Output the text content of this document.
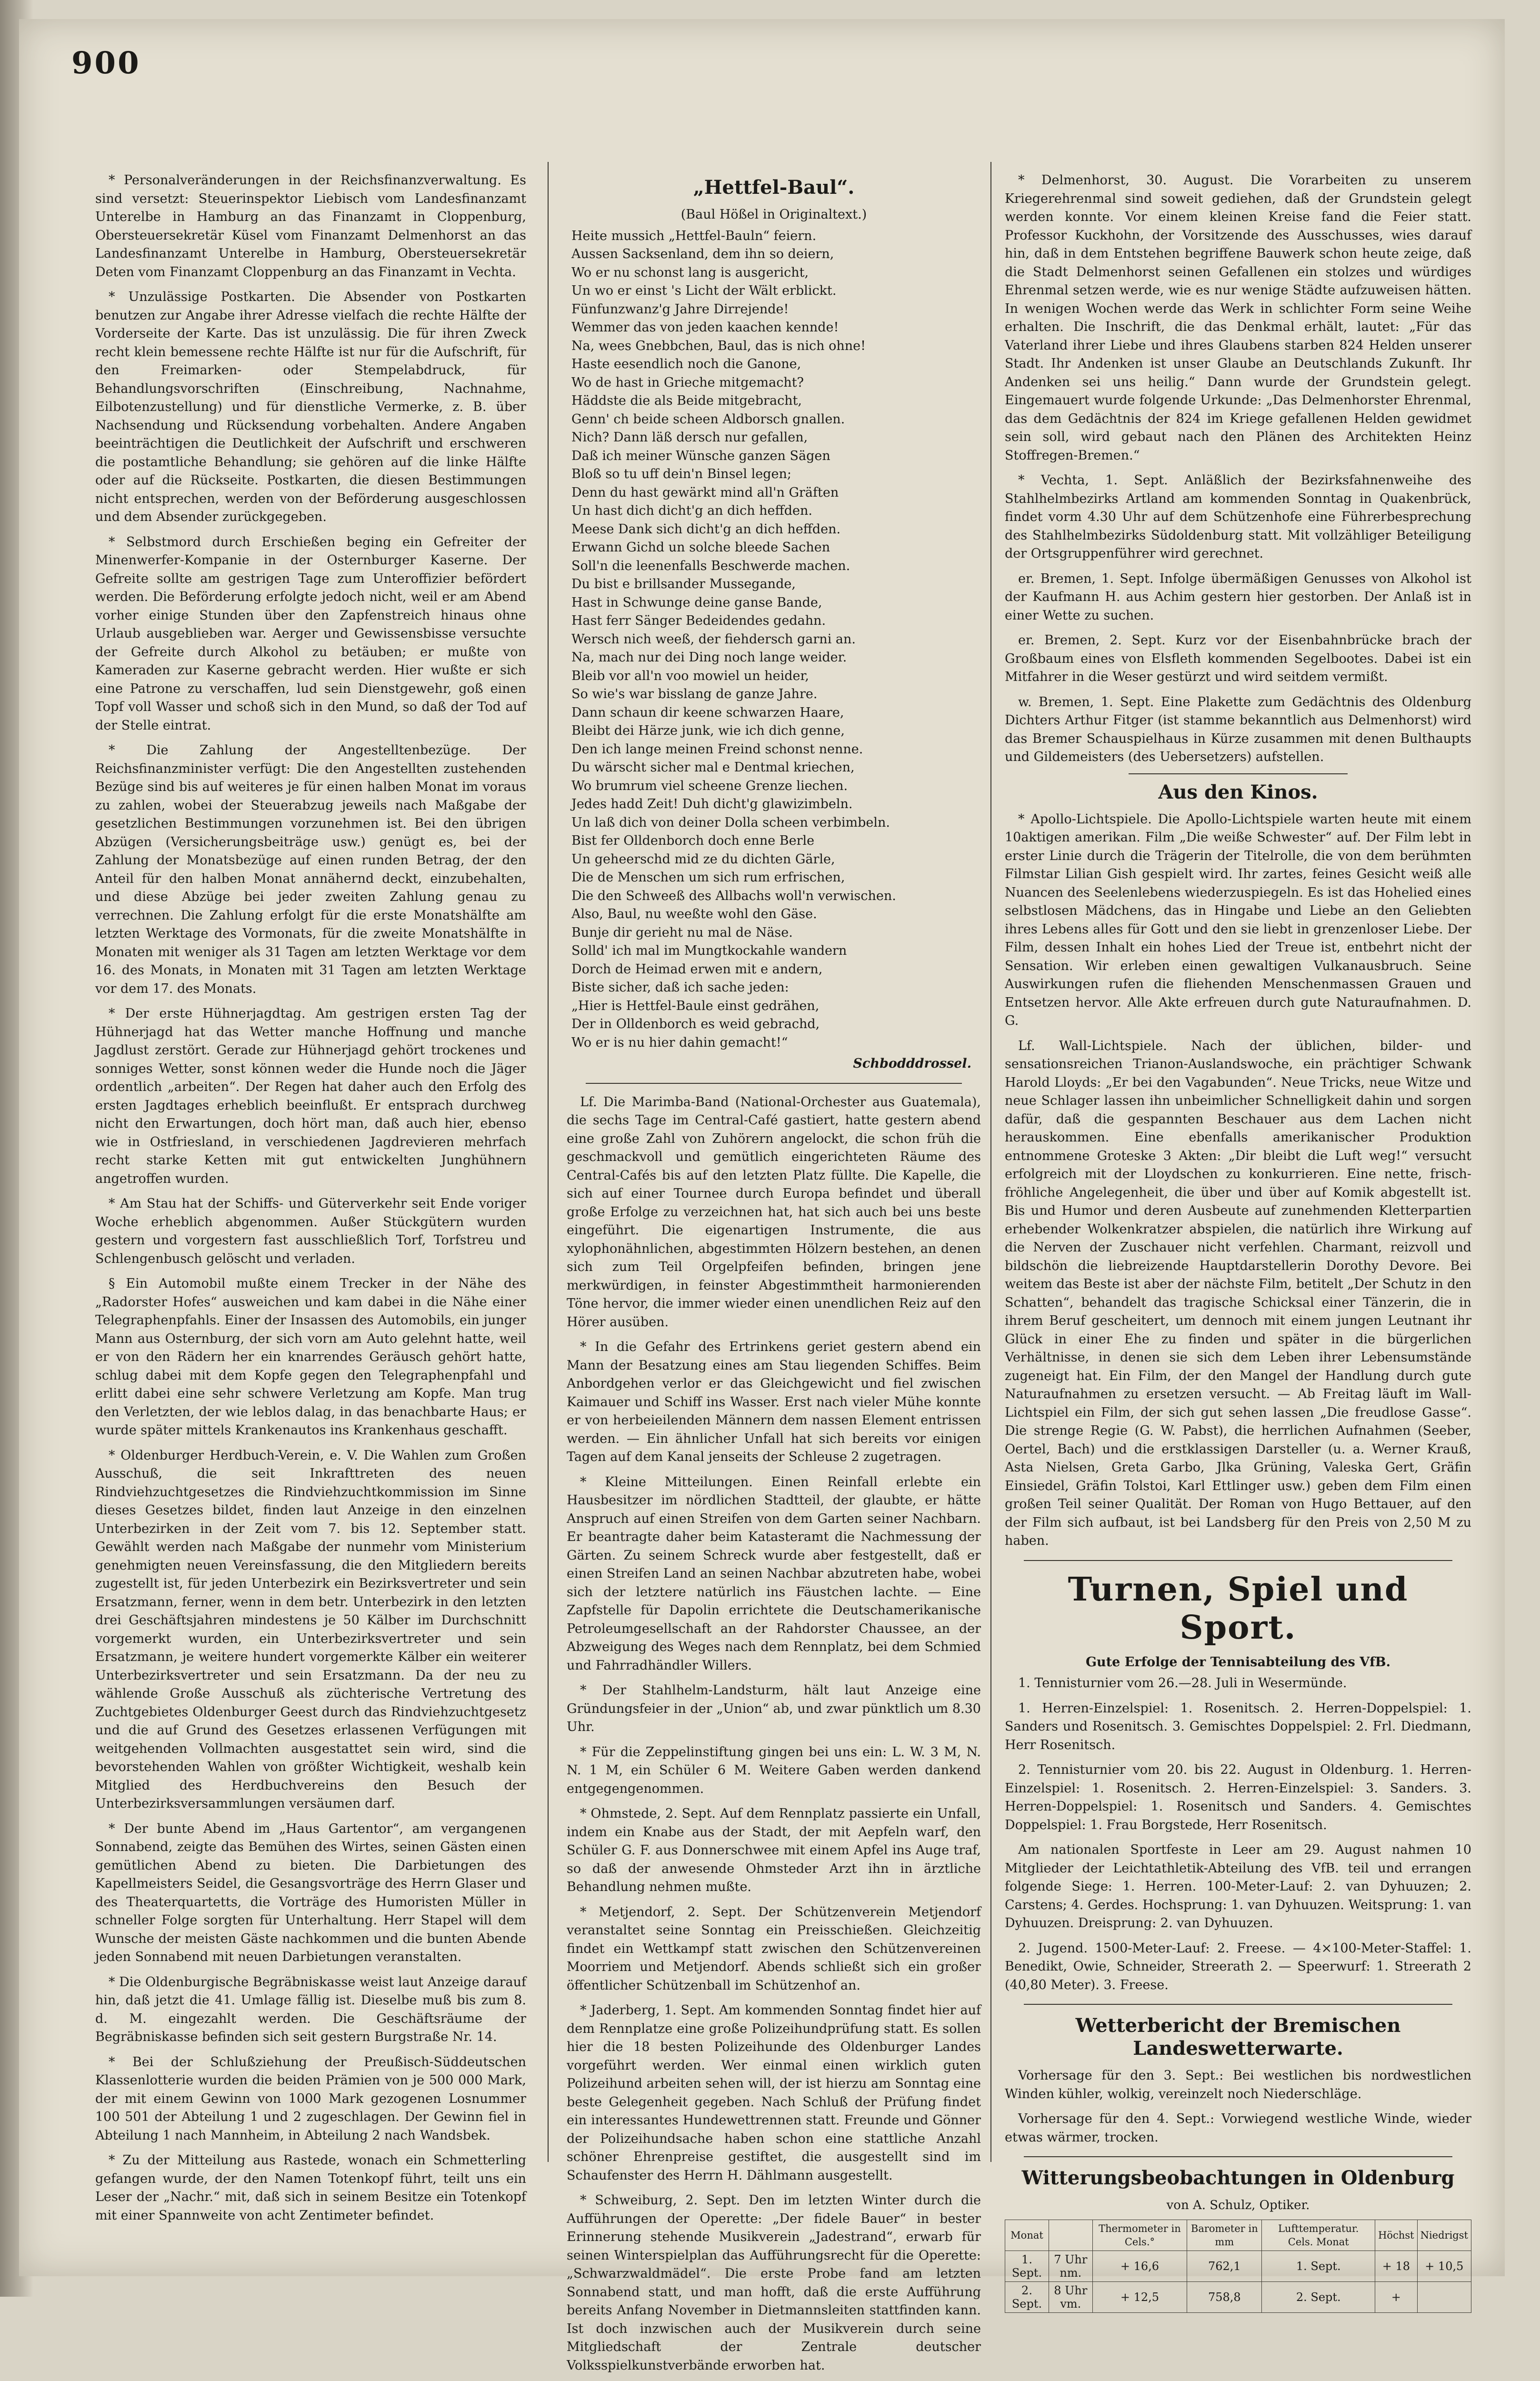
900

* Personalveränderungen in der Reichsfinanzverwaltung. Es sind versetzt: Steuerinspektor Liebisch vom Landesfinanzamt Unterelbe in Hamburg an das Finanzamt in Cloppenburg, Obersteuersekretär Küsel vom Finanzamt Delmenhorst an das Landesfinanzamt Unterelbe in Hamburg, Obersteuersekretär Deten vom Finanzamt Cloppenburg an das Finanzamt in Vechta.

* Unzulässige Postkarten. Die Absender von Postkarten benutzen zur Angabe ihrer Adresse vielfach die rechte Hälfte der Vorderseite der Karte. Das ist unzulässig. Die für ihren Zweck recht klein bemessene rechte Hälfte ist nur für die Aufschrift, für den Freimarken- oder Stempelabdruck, für Behandlungsvorschriften (Einschreibung, Nachnahme, Eilbotenzustellung) und für dienstliche Vermerke, z. B. über Nachsendung und Rücksendung vorbehalten. Andere Angaben beeinträchtigen die Deutlichkeit der Aufschrift und erschweren die postamtliche Behandlung; sie gehören auf die linke Hälfte oder auf die Rückseite. Postkarten, die diesen Bestimmungen nicht entsprechen, werden von der Beförderung ausgeschlossen und dem Absender zurückgegeben.

* Selbstmord durch Erschießen beging ein Gefreiter der Minenwerfer-Kompanie in der Osternburger Kaserne. Der Gefreite sollte am gestrigen Tage zum Unteroffizier befördert werden. Die Beförderung erfolgte jedoch nicht, weil er am Abend vorher einige Stunden über den Zapfenstreich hinaus ohne Urlaub ausgeblieben war. Aerger und Gewissensbisse versuchte der Gefreite durch Alkohol zu betäuben; er mußte von Kameraden zur Kaserne gebracht werden. Hier wußte er sich eine Patrone zu verschaffen, lud sein Dienstgewehr, goß einen Topf voll Wasser und schoß sich in den Mund, so daß der Tod auf der Stelle eintrat.

* Die Zahlung der Angestelltenbezüge. Der Reichsfinanzminister verfügt: Die den Angestellten zustehenden Bezüge sind bis auf weiteres je für einen halben Monat im voraus zu zahlen, wobei der Steuerabzug jeweils nach Maßgabe der gesetzlichen Bestimmungen vorzunehmen ist. Bei den übrigen Abzügen (Versicherungsbeiträge usw.) genügt es, bei der Zahlung der Monatsbezüge auf einen runden Betrag, der den Anteil für den halben Monat annähernd deckt, einzubehalten, und diese Abzüge bei jeder zweiten Zahlung genau zu verrechnen. Die Zahlung erfolgt für die erste Monatshälfte am letzten Werktage des Vormonats, für die zweite Monatshälfte in Monaten mit weniger als 31 Tagen am letzten Werktage vor dem 16. des Monats, in Monaten mit 31 Tagen am letzten Werktage vor dem 17. des Monats.

* Der erste Hühnerjagdtag. Am gestrigen ersten Tag der Hühnerjagd hat das Wetter manche Hoffnung und manche Jagdlust zerstört. Gerade zur Hühnerjagd gehört trockenes und sonniges Wetter, sonst können weder die Hunde noch die Jäger ordentlich „arbeiten“. Der Regen hat daher auch den Erfolg des ersten Jagdtages erheblich beeinflußt. Er entsprach durchweg nicht den Erwartungen, doch hört man, daß auch hier, ebenso wie in Ostfriesland, in verschiedenen Jagdrevieren mehrfach recht starke Ketten mit gut entwickelten Junghühnern angetroffen wurden.

* Am Stau hat der Schiffs- und Güterverkehr seit Ende voriger Woche erheblich abgenommen. Außer Stückgütern wurden gestern und vorgestern fast ausschließlich Torf, Torfstreu und Schlengenbusch gelöscht und verladen.

§ Ein Automobil mußte einem Trecker in der Nähe des „Radorster Hofes“ ausweichen und kam dabei in die Nähe einer Telegraphenpfahls. Einer der Insassen des Automobils, ein junger Mann aus Osternburg, der sich vorn am Auto gelehnt hatte, weil er von den Rädern her ein knarrendes Geräusch gehört hatte, schlug dabei mit dem Kopfe gegen den Telegraphenpfahl und erlitt dabei eine sehr schwere Verletzung am Kopfe. Man trug den Verletzten, der wie leblos dalag, in das benachbarte Haus; er wurde später mittels Krankenautos ins Krankenhaus geschafft.

* Oldenburger Herdbuch-Verein, e. V. Die Wahlen zum Großen Ausschuß, die seit Inkrafttreten des neuen Rindviehzuchtgesetzes die Rindviehzuchtkommission im Sinne dieses Gesetzes bildet, finden laut Anzeige in den einzelnen Unterbezirken in der Zeit vom 7. bis 12. September statt. Gewählt werden nach Maßgabe der nunmehr vom Ministerium genehmigten neuen Vereinsfassung, die den Mitgliedern bereits zugestellt ist, für jeden Unterbezirk ein Bezirksvertreter und sein Ersatzmann, ferner, wenn in dem betr. Unterbezirk in den letzten drei Geschäftsjahren mindestens je 50 Kälber im Durchschnitt vorgemerkt wurden, ein Unterbezirksvertreter und sein Ersatzmann, je weitere hundert vorgemerkte Kälber ein weiterer Unterbezirksvertreter und sein Ersatzmann. Da der neu zu wählende Große Ausschuß als züchterische Vertretung des Zuchtgebietes Oldenburger Geest durch das Rindviehzuchtgesetz und die auf Grund des Gesetzes erlassenen Verfügungen mit weitgehenden Vollmachten ausgestattet sein wird, sind die bevorstehenden Wahlen von größter Wichtigkeit, weshalb kein Mitglied des Herdbuchvereins den Besuch der Unterbezirksversammlungen versäumen darf.

* Der bunte Abend im „Haus Gartentor“, am vergangenen Sonnabend, zeigte das Bemühen des Wirtes, seinen Gästen einen gemütlichen Abend zu bieten. Die Darbietungen des Kapellmeisters Seidel, die Gesangsvorträge des Herrn Glaser und des Theaterquartetts, die Vorträge des Humoristen Müller in schneller Folge sorgten für Unterhaltung. Herr Stapel will dem Wunsche der meisten Gäste nachkommen und die bunten Abende jeden Sonnabend mit neuen Darbietungen veranstalten.

* Die Oldenburgische Begräbniskasse weist laut Anzeige darauf hin, daß jetzt die 41. Umlage fällig ist. Dieselbe muß bis zum 8. d. M. eingezahlt werden. Die Geschäftsräume der Begräbniskasse befinden sich seit gestern Burgstraße Nr. 14.

* Bei der Schlußziehung der Preußisch-Süddeutschen Klassenlotterie wurden die beiden Prämien von je 500 000 Mark, der mit einem Gewinn von 1000 Mark gezogenen Losnummer 100 501 der Abteilung 1 und 2 zugeschlagen. Der Gewinn fiel in Abteilung 1 nach Mannheim, in Abteilung 2 nach Wandsbek.

* Zu der Mitteilung aus Rastede, wonach ein Schmetterling gefangen wurde, der den Namen Totenkopf führt, teilt uns ein Leser der „Nachr.“ mit, daß sich in seinem Besitze ein Totenkopf mit einer Spannweite von acht Zentimeter befindet.

„Hettfel-Baul“.
(Baul Hößel in Originaltext.)
Heite mussich „Hettfel-Bauln“ feiern.
Aussen Sacksenland, dem ihn so deiern,
Wo er nu schonst lang is ausgericht,
Un wo er einst 's Licht der Wält erblickt.
Fünfunzwanz'g Jahre Dirrejende!
Wemmer das von jeden kaachen kennde!
Na, wees Gnebbchen, Baul, das is nich ohne!
Haste eesendlich noch die Ganone,
Wo de hast in Grieche mitgemacht?
Häddste die als Beide mitgebracht,
Genn' ch beide scheen Aldborsch gnallen.
Nich? Dann läß dersch nur gefallen,
Daß ich meiner Wünsche ganzen Sägen
Bloß so tu uff dein'n Binsel legen;
Denn du hast gewärkt mind all'n Gräften
Un hast dich dicht'g an dich heffden.
Meese Dank sich dicht'g an dich heffden.
Erwann Gichd un solche bleede Sachen
Soll'n die leenenfalls Beschwerde machen.
Du bist e brillsander Mussegande,
Hast in Schwunge deine ganse Bande,
Hast ferr Sänger Bedeidendes gedahn.
Wersch nich weeß, der fiehdersch garni an.
Na, mach nur dei Ding noch lange weider.
Bleib vor all'n voo mowiel un heider,
So wie's war bisslang de ganze Jahre.
Dann schaun dir keene schwarzen Haare,
Bleibt dei Härze junk, wie ich dich genne,
Den ich lange meinen Freind schonst nenne.
Du wärscht sicher mal e Dentmal kriechen,
Wo brumrum viel scheene Grenze liechen.
Jedes hadd Zeit! Duh dicht'g glawizimbeln.
Un laß dich von deiner Dolla scheen verbimbeln.
Bist fer Olldenborch doch enne Berle
Un geheerschd mid ze du dichten Gärle,
Die de Menschen um sich rum erfrischen,
Die den Schweeß des Allbachs woll'n verwischen.
Also, Baul, nu weeßte wohl den Gäse.
Bunje dir gerieht nu mal de Näse.
Solld' ich mal im Mungtkockahle wandern
Dorch de Heimad erwen mit e andern,
Biste sicher, daß ich sache jeden:
„Hier is Hettfel-Baule einst gedrähen,
Der in Olldenborch es weid gebrachd,
Wo er is nu hier dahin gemacht!“
Schbodddrossel.

Lf. Die Marimba-Band (National-Orchester aus Guatemala), die sechs Tage im Central-Café gastiert, hatte gestern abend eine große Zahl von Zuhörern angelockt, die schon früh die geschmackvoll und gemütlich eingerichteten Räume des Central-Cafés bis auf den letzten Platz füllte. Die Kapelle, die sich auf einer Tournee durch Europa befindet und überall große Erfolge zu verzeichnen hat, hat sich auch bei uns beste eingeführt. Die eigenartigen Instrumente, die aus xylophonähnlichen, abgestimmten Hölzern bestehen, an denen sich zum Teil Orgelpfeifen befinden, bringen jene merkwürdigen, in feinster Abgestimmtheit harmonierenden Töne hervor, die immer wieder einen unendlichen Reiz auf den Hörer ausüben.

* In die Gefahr des Ertrinkens geriet gestern abend ein Mann der Besatzung eines am Stau liegenden Schiffes. Beim Anbordgehen verlor er das Gleichgewicht und fiel zwischen Kaimauer und Schiff ins Wasser. Erst nach vieler Mühe konnte er von herbeieilenden Männern dem nassen Element entrissen werden. — Ein ähnlicher Unfall hat sich bereits vor einigen Tagen auf dem Kanal jenseits der Schleuse 2 zugetragen.

* Kleine Mitteilungen. Einen Reinfall erlebte ein Hausbesitzer im nördlichen Stadtteil, der glaubte, er hätte Anspruch auf einen Streifen von dem Garten seiner Nachbarn. Er beantragte daher beim Katasteramt die Nachmessung der Gärten. Zu seinem Schreck wurde aber festgestellt, daß er einen Streifen Land an seinen Nachbar abzutreten habe, wobei sich der letztere natürlich ins Fäustchen lachte. — Eine Zapfstelle für Dapolin errichtete die Deutschamerikanische Petroleumgesellschaft an der Rahdorster Chaussee, an der Abzweigung des Weges nach dem Rennplatz, bei dem Schmied und Fahrradhändler Willers.

* Der Stahlhelm-Landsturm, hält laut Anzeige eine Gründungsfeier in der „Union“ ab, und zwar pünktlich um 8.30 Uhr.

* Für die Zeppelinstiftung gingen bei uns ein: L. W. 3 M, N. N. 1 M, ein Schüler 6 M. Weitere Gaben werden dankend entgegengenommen.

* Ohmstede, 2. Sept. Auf dem Rennplatz passierte ein Unfall, indem ein Knabe aus der Stadt, der mit Aepfeln warf, den Schüler G. F. aus Donnerschwee mit einem Apfel ins Auge traf, so daß der anwesende Ohmsteder Arzt ihn in ärztliche Behandlung nehmen mußte.

* Metjendorf, 2. Sept. Der Schützenverein Metjendorf veranstaltet seine Sonntag ein Preisschießen. Gleichzeitig findet ein Wettkampf statt zwischen den Schützenvereinen Moorriem und Metjendorf. Abends schließt sich ein großer öffentlicher Schützenball im Schützenhof an.

* Jaderberg, 1. Sept. Am kommenden Sonntag findet hier auf dem Rennplatze eine große Polizeihundprüfung statt. Es sollen hier die 18 besten Polizeihunde des Oldenburger Landes vorgeführt werden. Wer einmal einen wirklich guten Polizeihund arbeiten sehen will, der ist hierzu am Sonntag eine beste Gelegenheit gegeben. Nach Schluß der Prüfung findet ein interessantes Hundewettrennen statt. Freunde und Gönner der Polizeihundsache haben schon eine stattliche Anzahl schöner Ehrenpreise gestiftet, die ausgestellt sind im Schaufenster des Herrn H. Dählmann ausgestellt.

* Schweiburg, 2. Sept. Den im letzten Winter durch die Aufführungen der Operette: „Der fidele Bauer“ in bester Erinnerung stehende Musikverein „Jadestrand“, erwarb für seinen Winterspielplan das Aufführungsrecht für die Operette: „Schwarzwaldmädel“. Die erste Probe fand am letzten Sonnabend statt, und man hofft, daß die erste Aufführung bereits Anfang November in Dietmannsleiten stattfinden kann. Ist doch inzwischen auch der Musikverein durch seine Mitgliedschaft der Zentrale deutscher Volksspielkunstverbände erworben hat.

* Delmenhorst, 30. August. Die Vorarbeiten zu unserem Kriegerehrenmal sind soweit gediehen, daß der Grundstein gelegt werden konnte. Vor einem kleinen Kreise fand die Feier statt. Professor Kuckhohn, der Vorsitzende des Ausschusses, wies darauf hin, daß in dem Entstehen begriffene Bauwerk schon heute zeige, daß die Stadt Delmenhorst seinen Gefallenen ein stolzes und würdiges Ehrenmal setzen werde, wie es nur wenige Städte aufzuweisen hätten. In wenigen Wochen werde das Werk in schlichter Form seine Weihe erhalten. Die Inschrift, die das Denkmal erhält, lautet: „Für das Vaterland ihrer Liebe und ihres Glaubens starben 824 Helden unserer Stadt. Ihr Andenken ist unser Glaube an Deutschlands Zukunft. Ihr Andenken sei uns heilig.“ Dann wurde der Grundstein gelegt. Eingemauert wurde folgende Urkunde: „Das Delmenhorster Ehrenmal, das dem Gedächtnis der 824 im Kriege gefallenen Helden gewidmet sein soll, wird gebaut nach den Plänen des Architekten Heinz Stoffregen-Bremen.“

* Vechta, 1. Sept. Anläßlich der Bezirksfahnenweihe des Stahlhelmbezirks Artland am kommenden Sonntag in Quakenbrück, findet vorm 4.30 Uhr auf dem Schützenhofe eine Führerbesprechung des Stahlhelmbezirks Südoldenburg statt. Mit vollzähliger Beteiligung der Ortsgruppenführer wird gerechnet.

er. Bremen, 1. Sept. Infolge übermäßigen Genusses von Alkohol ist der Kaufmann H. aus Achim gestern hier gestorben. Der Anlaß ist in einer Wette zu suchen.

er. Bremen, 2. Sept. Kurz vor der Eisenbahnbrücke brach der Großbaum eines von Elsfleth kommenden Segelbootes. Dabei ist ein Mitfahrer in die Weser gestürzt und wird seitdem vermißt.

w. Bremen, 1. Sept. Eine Plakette zum Gedächtnis des Oldenburg Dichters Arthur Fitger (ist stamme bekanntlich aus Delmenhorst) wird das Bremer Schauspielhaus in Kürze zusammen mit denen Bulthaupts und Gildemeisters (des Uebersetzers) aufstellen.

Aus den Kinos.

* Apollo-Lichtspiele. Die Apollo-Lichtspiele warten heute mit einem 10aktigen amerikan. Film „Die weiße Schwester“ auf. Der Film lebt in erster Linie durch die Trägerin der Titelrolle, die von dem berühmten Filmstar Lilian Gish gespielt wird. Ihr zartes, feines Gesicht weiß alle Nuancen des Seelenlebens wiederzuspiegeln. Es ist das Hohelied eines selbstlosen Mädchens, das in Hingabe und Liebe an den Geliebten ihres Lebens alles für Gott und den sie liebt in grenzenloser Liebe. Der Film, dessen Inhalt ein hohes Lied der Treue ist, entbehrt nicht der Sensation. Wir erleben einen gewaltigen Vulkanausbruch. Seine Auswirkungen rufen die fliehenden Menschenmassen Grauen und Entsetzen hervor. Alle Akte erfreuen durch gute Naturaufnahmen. D. G.

Lf. Wall-Lichtspiele. Nach der üblichen, bilder- und sensationsreichen Trianon-Auslandswoche, ein prächtiger Schwank Harold Lloyds: „Er bei den Vagabunden“. Neue Tricks, neue Witze und neue Schlager lassen ihn unbeimlicher Schnelligkeit dahin und sorgen dafür, daß die gespannten Beschauer aus dem Lachen nicht herauskommen. Eine ebenfalls amerikanischer Produktion entnommene Groteske 3 Akten: „Dir bleibt die Luft weg!“ versucht erfolgreich mit der Lloydschen zu konkurrieren. Eine nette, frisch-fröhliche Angelegenheit, die über und über auf Komik abgestellt ist. Bis und Humor und deren Ausbeute auf zunehmenden Kletterpartien erhebender Wolkenkratzer abspielen, die natürlich ihre Wirkung auf die Nerven der Zuschauer nicht verfehlen. Charmant, reizvoll und bildschön die liebreizende Hauptdarstellerin Dorothy Devore. Bei weitem das Beste ist aber der nächste Film, betitelt „Der Schutz in den Schatten“, behandelt das tragische Schicksal einer Tänzerin, die in ihrem Beruf gescheitert, um dennoch mit einem jungen Leutnant ihr Glück in einer Ehe zu finden und später in die bürgerlichen Verhältnisse, in denen sie sich dem Leben ihrer Lebensumstände zugeneigt hat. Ein Film, der den Mangel der Handlung durch gute Naturaufnahmen zu ersetzen versucht. — Ab Freitag läuft im Wall-Lichtspiel ein Film, der sich gut sehen lassen „Die freudlose Gasse“. Die strenge Regie (G. W. Pabst), die herrlichen Aufnahmen (Seeber, Oertel, Bach) und die erstklassigen Darsteller (u. a. Werner Krauß, Asta Nielsen, Greta Garbo, Jlka Grüning, Valeska Gert, Gräfin Einsiedel, Gräfin Tolstoi, Karl Ettlinger usw.) geben dem Film einen großen Teil seiner Qualität. Der Roman von Hugo Bettauer, auf den der Film sich aufbaut, ist bei Landsberg für den Preis von 2,50 M zu haben.

Turnen, Spiel und Sport.
Gute Erfolge der Tennisabteilung des VfB.

1. Tennisturnier vom 26.—28. Juli in Wesermünde.

1. Herren-Einzelspiel: 1. Rosenitsch. 2. Herren-Doppelspiel: 1. Sanders und Rosenitsch. 3. Gemischtes Doppelspiel: 2. Frl. Diedmann, Herr Rosenitsch.

2. Tennisturnier vom 20. bis 22. August in Oldenburg. 1. Herren-Einzelspiel: 1. Rosenitsch. 2. Herren-Einzelspiel: 3. Sanders. 3. Herren-Doppelspiel: 1. Rosenitsch und Sanders. 4. Gemischtes Doppelspiel: 1. Frau Borgstede, Herr Rosenitsch.

Am nationalen Sportfeste in Leer am 29. August nahmen 10 Mitglieder der Leichtathletik-Abteilung des VfB. teil und errangen folgende Siege: 1. Herren. 100-Meter-Lauf: 2. van Dyhuuzen; 2. Carstens; 4. Gerdes. Hochsprung: 1. van Dyhuuzen. Weitsprung: 1. van Dyhuuzen. Dreisprung: 2. van Dyhuuzen.

2. Jugend. 1500-Meter-Lauf: 2. Freese. — 4×100-Meter-Staffel: 1. Benedikt, Owie, Schneider, Streerath 2. — Speerwurf: 1. Streerath 2 (40,80 Meter). 3. Freese.

Wetterbericht der Bremischen Landeswetterwarte.

Vorhersage für den 3. Sept.: Bei westlichen bis nordwestlichen Winden kühler, wolkig, vereinzelt noch Niederschläge.

Vorhersage für den 4. Sept.: Vorwiegend westliche Winde, wieder etwas wärmer, trocken.

Witterungsbeobachtungen in Oldenburg
von A. Schulz, Optiker.
Monat		Thermometer in Cels.°	Barometer in mm	Lufttemperatur. Cels. Monat	Höchst	Niedrigst
1. Sept.	7 Uhr nm.	+ 16,6	762,1	1. Sept.	+ 18	+ 10,5
2. Sept.	8 Uhr vm.	+ 12,5	758,8	2. Sept.	+	
